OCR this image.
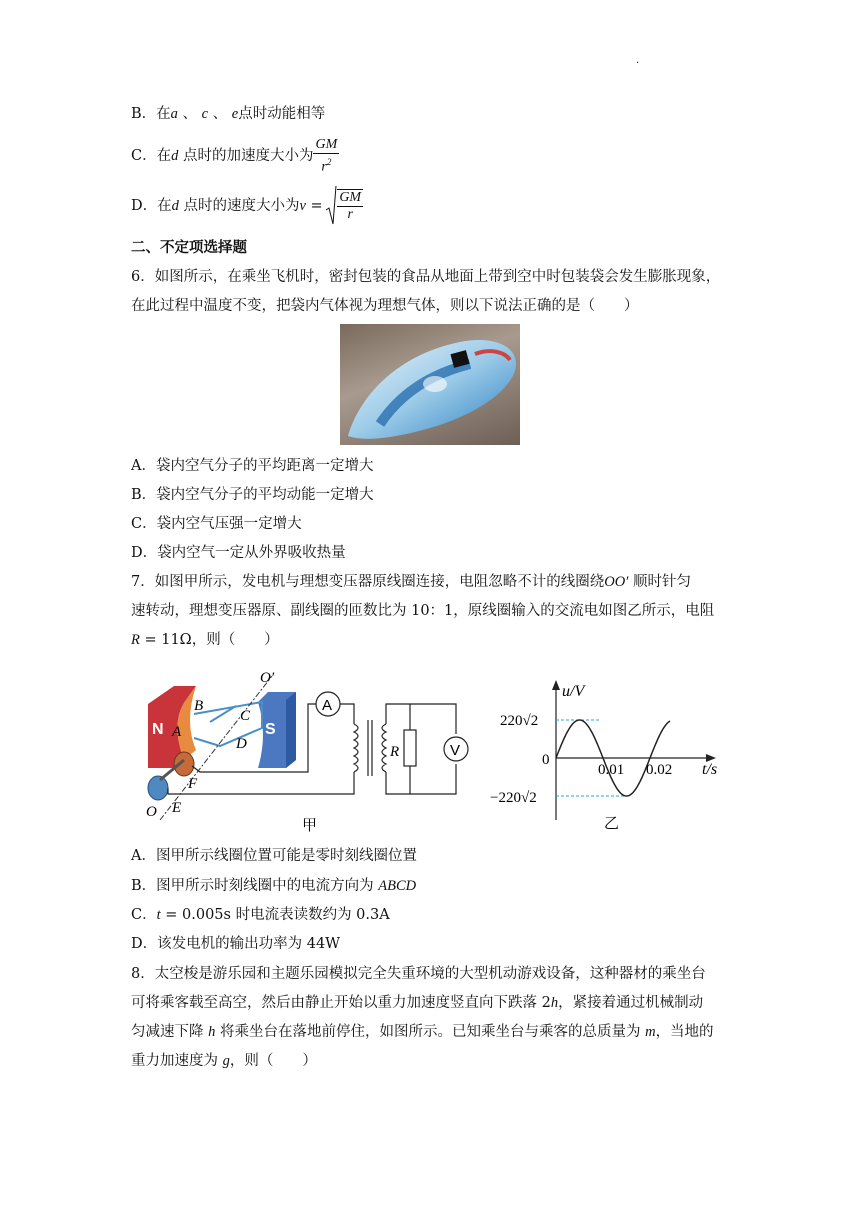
·
B．在a 、 c 、 e点时动能相等
C．在d 点时的加速度大小为 $\frac{GM}{r^2}$
D．在d 点时的速度大小为$v = \frac{GM}{r}$
二、不定项选择题
6．如图所示，在乘坐飞机时，密封包装的食品从地面上带到空中时包装袋会发生膨胀现象，
在此过程中温度不变，把袋内气体视为理想气体，则以下说法正确的是（　　）
A．袋内空气分子的平均距离一定增大
B．袋内空气分子的平均动能一定增大
C．袋内空气压强一定增大
D．袋内空气一定从外界吸收热量
7．如图甲所示，发电机与理想变压器原线圈连接，电阻忽略不计的线圈绕OO′ 顺时针匀
速转动，理想变压器原、副线圈的匝数比为 10：1，原线圈输入的交流电如图乙所示，电阻
R = 11Ω，则（　　）
N	S
B
A
C
D
F
E
O
O′
A
R	V
甲
u/V
t/s
220√2
0
−220√2
0.01 0.02
乙
A．图甲所示线圈位置可能是零时刻线圈位置
B．图甲所示时刻线圈中的电流方向为 ABCD
C．t = 0.005s 时电流表读数约为 0.3A
D．该发电机的输出功率为 44W
8．太空梭是游乐园和主题乐园模拟完全失重环境的大型机动游戏设备，这种器材的乘坐台
可将乘客载至高空，然后由静止开始以重力加速度竖直向下跌落 2h，紧接着通过机械制动
匀减速下降 h 将乘坐台在落地前停住，如图所示。已知乘坐台与乘客的总质量为 m，当地的
重力加速度为 g，则（　　）
